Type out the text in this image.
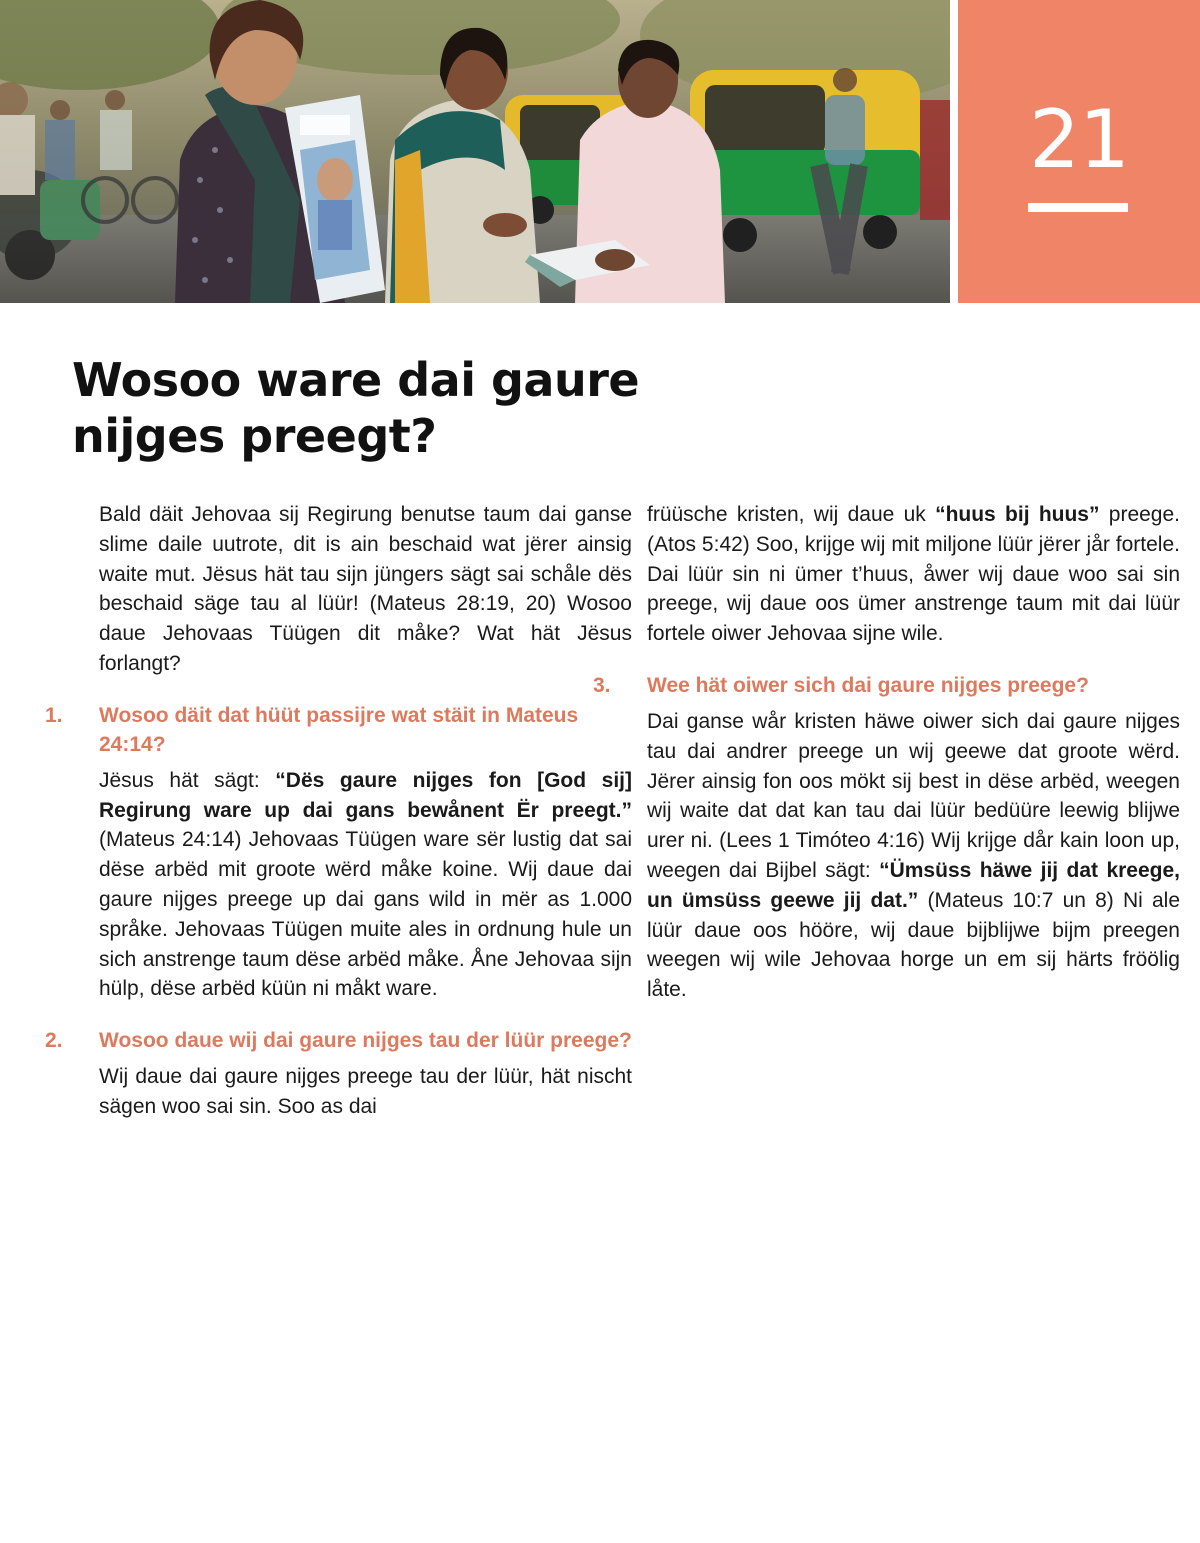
21
Wosoo ware dai gaure
nijges preegt?

Bald däit Jehovaa sij Regirung benutse taum dai ganse slime daile uutrote, dit is ain beschaid wat jërer ainsig waite mut. Jësus hät tau sijn jüngers sägt sai schåle dës beschaid säge tau al lüür! (Mateus 28:19, 20) Wosoo daue Jehovaas Tüügen dit måke? Wat hät Jësus forlangt?

1. Wosoo däit dat hüüt passijre wat stäit in Mateus 24:14?

Jësus hät sägt: “Dës gaure nijges fon [God sij] Regirung ware up dai gans bewånent Ër preegt.” (Mateus 24:14) Jehovaas Tüügen ware sër lustig dat sai dëse arbëd mit groote wërd måke koine. Wij daue dai gaure nijges preege up dai gans wild in mër as 1.000 språke. Jehovaas Tüügen muite ales in ordnung hule un sich anstrenge taum dëse arbëd måke. Åne Jehovaa sijn hülp, dëse arbëd küün ni måkt ware.

2. Wosoo daue wij dai gaure nijges tau der lüür preege?

Wij daue dai gaure nijges preege tau der lüür, hät nischt sägen woo sai sin. Soo as dai

früüsche kristen, wij daue uk “huus bij huus” preege. (Atos 5:42) Soo, krijge wij mit miljone lüür jërer jår fortele. Dai lüür sin ni ümer t’huus, åwer wij daue woo sai sin preege, wij daue oos ümer anstrenge taum mit dai lüür fortele oiwer Jehovaa sijne wile.

3. Wee hät oiwer sich dai gaure nijges preege?

Dai ganse wår kristen häwe oiwer sich dai gaure nijges tau dai andrer preege un wij geewe dat groote wërd. Jërer ainsig fon oos mökt sij best in dëse arbëd, weegen wij waite dat dat kan tau dai lüür bedüüre leewig blijwe urer ni. (Lees 1 Timóteo 4:16) Wij krijge dår kain loon up, weegen dai Bijbel sägt: “Ümsüss häwe jij dat kreege, un ümsüss geewe jij dat.” (Mateus 10:7 un 8) Ni ale lüür daue oos hööre, wij daue bijblijwe bijm preegen weegen wij wile Jehovaa horge un em sij härts fröölig låte.
